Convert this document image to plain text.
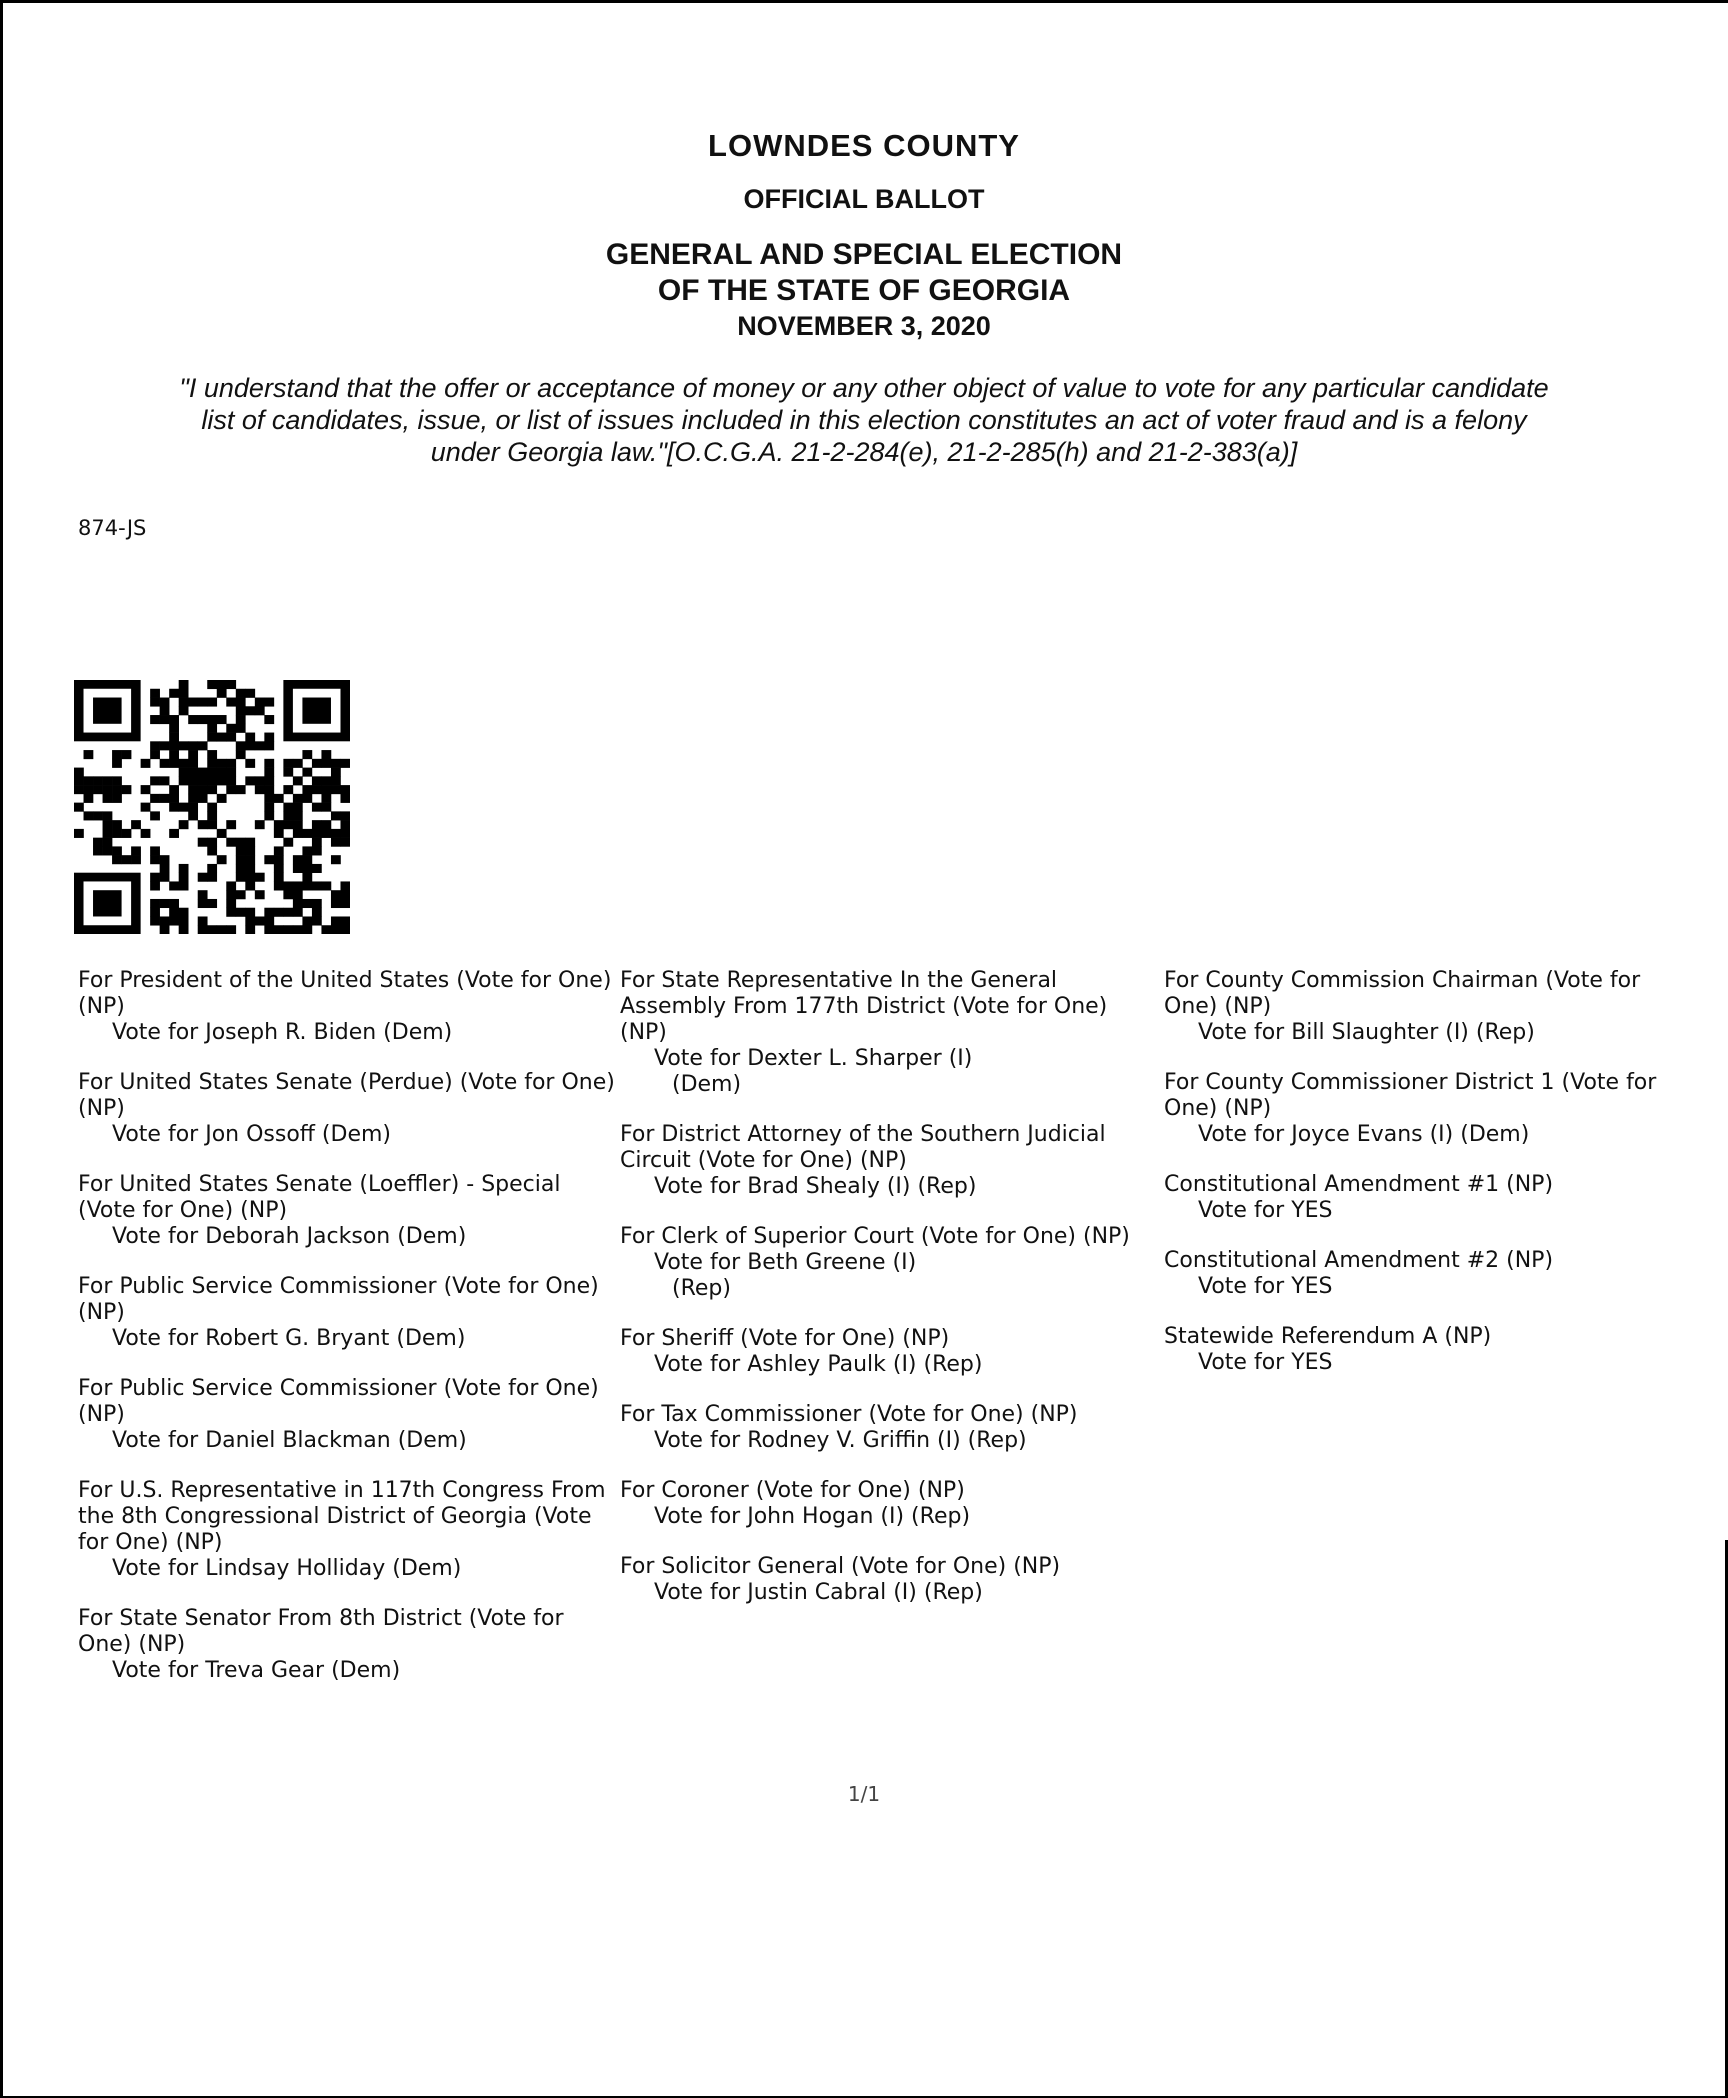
LOWNDES COUNTY
OFFICIAL BALLOT
GENERAL AND SPECIAL ELECTION
OF THE STATE OF GEORGIA
NOVEMBER 3, 2020
"I understand that the offer or acceptance of money or any other object of value to vote for any particular candidate
list of candidates, issue, or list of issues included in this election constitutes an act of voter fraud and is a felony
under Georgia law."[O.C.G.A. 21-2-284(e), 21-2-285(h) and 21-2-383(a)]
874-JS
For President of the United States (Vote for One) (NP)
Vote for Joseph R. Biden (Dem)
For United States Senate (Perdue) (Vote for One) (NP)
Vote for Jon Ossoff (Dem)
For United States Senate (Loeffler) - Special (Vote for One) (NP)
Vote for Deborah Jackson (Dem)
For Public Service Commissioner (Vote for One) (NP)
Vote for Robert G. Bryant (Dem)
For Public Service Commissioner (Vote for One) (NP)
Vote for Daniel Blackman (Dem)
For U.S. Representative in 117th Congress From the 8th Congressional District of Georgia (Vote for One) (NP)
Vote for Lindsay Holliday (Dem)
For State Senator From 8th District (Vote for One) (NP)
Vote for Treva Gear (Dem)
For State Representative In the General Assembly From 177th District (Vote for One) (NP)
Vote for Dexter L. Sharper (I)
(Dem)
For District Attorney of the Southern Judicial Circuit (Vote for One) (NP)
Vote for Brad Shealy (I) (Rep)
For Clerk of Superior Court (Vote for One) (NP)
Vote for Beth Greene (I)
(Rep)
For Sheriff (Vote for One) (NP)
Vote for Ashley Paulk (I) (Rep)
For Tax Commissioner (Vote for One) (NP)
Vote for Rodney V. Griffin (I) (Rep)
For Coroner (Vote for One) (NP)
Vote for John Hogan (I) (Rep)
For Solicitor General (Vote for One) (NP)
Vote for Justin Cabral (I) (Rep)
For County Commission Chairman (Vote for One) (NP)
Vote for Bill Slaughter (I) (Rep)
For County Commissioner District 1 (Vote for One) (NP)
Vote for Joyce Evans (I) (Dem)
Constitutional Amendment #1 (NP)
Vote for YES
Constitutional Amendment #2 (NP)
Vote for YES
Statewide Referendum A (NP)
Vote for YES
1/1
